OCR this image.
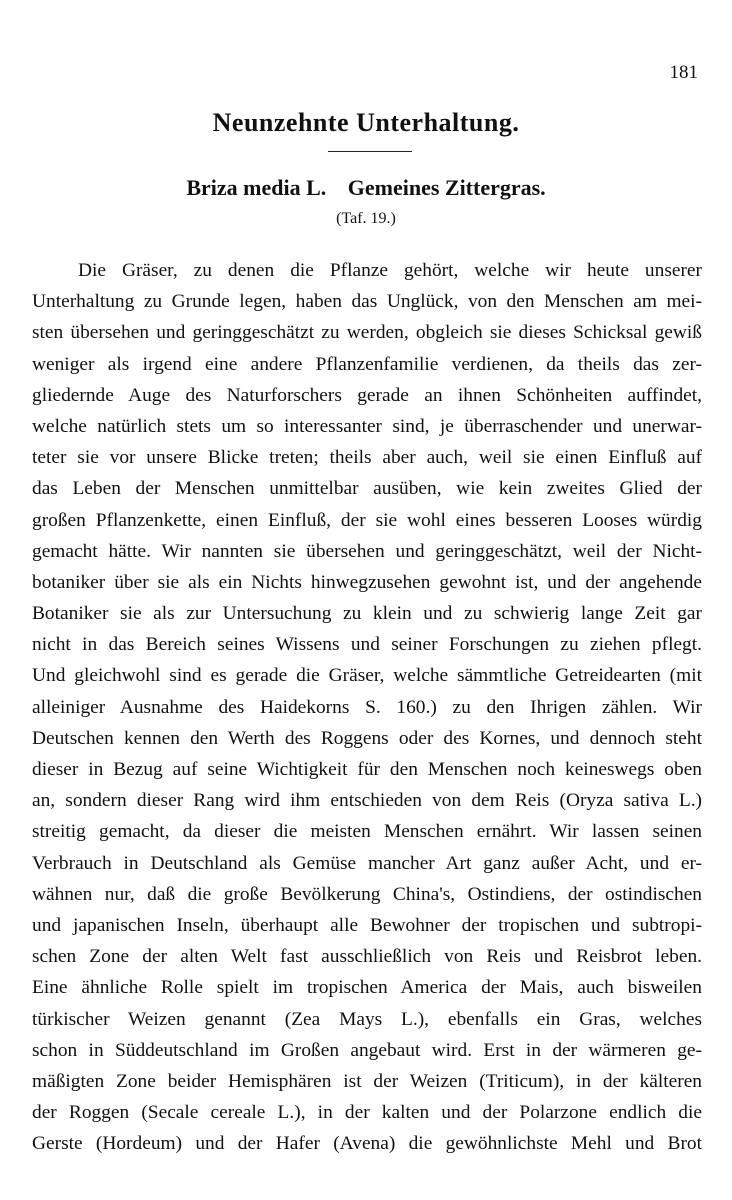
181
Neunzehnte Unterhaltung.
Briza media L. Gemeines Zittergras.
(Taf. 19.)
Die Gräser, zu denen die Pflanze gehört, welche wir heute unserer
Unterhaltung zu Grunde legen, haben das Unglück, von den Menschen am mei-
sten übersehen und geringgeschätzt zu werden, obgleich sie dieses Schicksal gewiß
weniger als irgend eine andere Pflanzenfamilie verdienen, da theils das zer-
gliedernde Auge des Naturforschers gerade an ihnen Schönheiten auffindet,
welche natürlich stets um so interessanter sind, je überraschender und unerwar-
teter sie vor unsere Blicke treten; theils aber auch, weil sie einen Einfluß auf
das Leben der Menschen unmittelbar ausüben, wie kein zweites Glied der
großen Pflanzenkette, einen Einfluß, der sie wohl eines besseren Looses würdig
gemacht hätte. Wir nannten sie übersehen und geringgeschätzt, weil der Nicht-
botaniker über sie als ein Nichts hinwegzusehen gewohnt ist, und der angehende
Botaniker sie als zur Untersuchung zu klein und zu schwierig lange Zeit gar
nicht in das Bereich seines Wissens und seiner Forschungen zu ziehen pflegt.
Und gleichwohl sind es gerade die Gräser, welche sämmtliche Getreidearten (mit
alleiniger Ausnahme des Haidekorns S. 160.) zu den Ihrigen zählen. Wir
Deutschen kennen den Werth des Roggens oder des Kornes, und dennoch steht
dieser in Bezug auf seine Wichtigkeit für den Menschen noch keineswegs oben
an, sondern dieser Rang wird ihm entschieden von dem Reis (Oryza sativa L.)
streitig gemacht, da dieser die meisten Menschen ernährt. Wir lassen seinen
Verbrauch in Deutschland als Gemüse mancher Art ganz außer Acht, und er-
wähnen nur, daß die große Bevölkerung China's, Ostindiens, der ostindischen
und japanischen Inseln, überhaupt alle Bewohner der tropischen und subtropi-
schen Zone der alten Welt fast ausschließlich von Reis und Reisbrot leben.
Eine ähnliche Rolle spielt im tropischen America der Mais, auch bisweilen
türkischer Weizen genannt (Zea Mays L.), ebenfalls ein Gras, welches
schon in Süddeutschland im Großen angebaut wird. Erst in der wärmeren ge-
mäßigten Zone beider Hemisphären ist der Weizen (Triticum), in der kälteren
der Roggen (Secale cereale L.), in der kalten und der Polarzone endlich die
Gerste (Hordeum) und der Hafer (Avena) die gewöhnlichste Mehl und Brot
